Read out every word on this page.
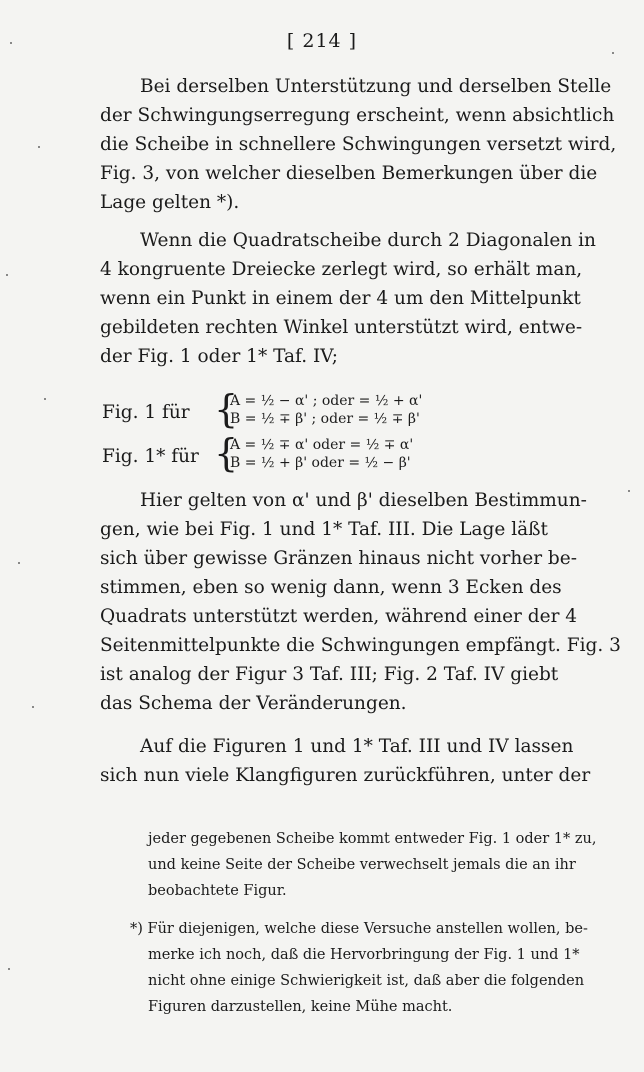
[ 214 ]
Bei derselben Unterstützung und derselben Stelle
der Schwingungserregung erscheint, wenn absichtlich
die Scheibe in schnellere Schwingungen versetzt wird,
Fig. 3, von welcher dieselben Bemerkungen über die
Lage gelten *).
Wenn die Quadratscheibe durch 2 Diagonalen in
4 kongruente Dreiecke zerlegt wird, so erhält man,
wenn ein Punkt in einem der 4 um den Mittelpunkt
gebildeten rechten Winkel unterstützt wird, entwe-
der Fig. 1 oder 1* Taf. IV;
Fig. 1 für {
A = ½ − α' ; oder = ½ + α'
B = ½ ∓ β' ; oder = ½ ∓ β'
Fig. 1* für {
A = ½ ∓ α' oder = ½ ∓ α'
B = ½ + β' oder = ½ − β'
Hier gelten von α' und β' dieselben Bestimmun-
gen, wie bei Fig. 1 und 1* Taf. III. Die Lage läßt
sich über gewisse Gränzen hinaus nicht vorher be-
stimmen, eben so wenig dann, wenn 3 Ecken des
Quadrats unterstützt werden, während einer der 4
Seitenmittelpunkte die Schwingungen empfängt. Fig. 3
ist analog der Figur 3 Taf. III; Fig. 2 Taf. IV giebt
das Schema der Veränderungen.
Auf die Figuren 1 und 1* Taf. III und IV lassen
sich nun viele Klangfiguren zurückführen, unter der
jeder gegebenen Scheibe kommt entweder Fig. 1 oder 1* zu,
und keine Seite der Scheibe verwechselt jemals die an ihr
beobachtete Figur.
*) Für diejenigen, welche diese Versuche anstellen wollen, be-
merke ich noch, daß die Hervorbringung der Fig. 1 und 1*
nicht ohne einige Schwierigkeit ist, daß aber die folgenden
Figuren darzustellen, keine Mühe macht.
